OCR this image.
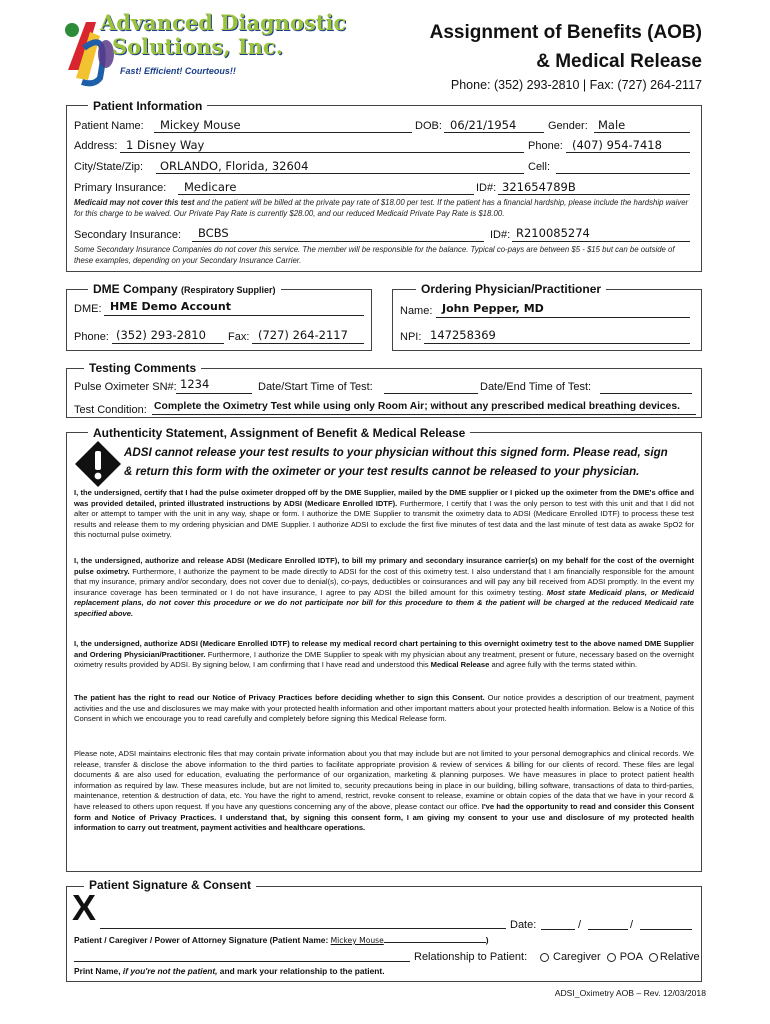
Advanced Diagnostic
Solutions, Inc.
Fast! Efficient! Courteous!!
Assignment of Benefits (AOB)
& Medical Release
Phone: (352) 293-2810 | Fax: (727) 264-2117
Patient Information
Patient Name: Mickey Mouse	DOB: 06/21/1954	Gender: Male
Address: 1 Disney Way	Phone: (407) 954-7418
City/State/Zip: ORLANDO, Florida, 32604	Cell:
Primary Insurance: Medicare	ID#: 321654789B
Medicaid may not cover this test and the patient will be billed at the private pay rate of $18.00 per test. If the patient has a financial hardship, please include the hardship waiver for this charge to be waived. Our Private Pay Rate is currently $28.00, and our reduced Medicaid Private Pay Rate is $18.00.
Secondary Insurance: BCBS	ID#: R210085274
Some Secondary Insurance Companies do not cover this service. The member will be responsible for the balance. Typical co-pays are between $5 - $15 but can be outside of these examples, depending on your Secondary Insurance Carrier.
DME Company (Respiratory Supplier)
DME: HME Demo Account
Phone: (352) 293-2810 Fax: (727) 264-2117
Ordering Physician/Practitioner
Name: John Pepper, MD
NPI: 147258369
Testing Comments
Pulse Oximeter SN#: 1234	Date/Start Time of Test:	Date/End Time of Test:
Test Condition: Complete the Oximetry Test while using only Room Air; without any prescribed medical breathing devices.
Authenticity Statement, Assignment of Benefit & Medical Release
ADSI cannot release your test results to your physician without this signed form. Please read, sign
& return this form with the oximeter or your test results cannot be released to your physician.
I, the undersigned, certify that I had the pulse oximeter dropped off by the DME Supplier, mailed by the DME supplier or I picked up the oximeter from the DME's office and was provided detailed, printed illustrated instructions by ADSI (Medicare Enrolled IDTF). Furthermore, I certify that I was the only person to test with this unit and that I did not alter or attempt to tamper with the unit in any way, shape or form. I authorize the DME Supplier to transmit the oximetry data to ADSI (Medicare Enrolled IDTF) to process these test results and release them to my ordering physician and DME Supplier. I authorize ADSI to exclude the first five minutes of test data and the last minute of test data as awake SpO2 for this nocturnal pulse oximetry.
I, the undersigned, authorize and release ADSI (Medicare Enrolled IDTF), to bill my primary and secondary insurance carrier(s) on my behalf for the cost of the overnight pulse oximetry. Furthermore, I authorize the payment to be made directly to ADSI for the cost of this oximetry test. I also understand that I am financially responsible for the amount that my insurance, primary and/or secondary, does not cover due to denial(s), co-pays, deductibles or coinsurances and will pay any bill received from ADSI promptly. In the event my insurance coverage has been terminated or I do not have insurance, I agree to pay ADSI the billed amount for this oximetry testing. Most state Medicaid plans, or Medicaid replacement plans, do not cover this procedure or we do not participate nor bill for this procedure to them & the patient will be charged at the reduced Medicaid rate specified above.
I, the undersigned, authorize ADSI (Medicare Enrolled IDTF) to release my medical record chart pertaining to this overnight oximetry test to the above named DME Supplier and Ordering Physician/Practitioner. Furthermore, I authorize the DME Supplier to speak with my physician about any treatment, present or future, necessary based on the overnight oximetry results provided by ADSI. By signing below, I am confirming that I have read and understood this Medical Release and agree fully with the terms stated within.
The patient has the right to read our Notice of Privacy Practices before deciding whether to sign this Consent. Our notice provides a description of our treatment, payment activities and the use and disclosures we may make with your protected health information and other important matters about your protected health information. Below is a Notice of this Consent in which we encourage you to read carefully and completely before signing this Medical Release form.
Please note, ADSI maintains electronic files that may contain private information about you that may include but are not limited to your personal demographics and clinical records. We release, transfer & disclose the above information to the third parties to facilitate appropriate provision & review of services & billing for our clients of record. These files are legal documents & are also used for education, evaluating the performance of our organization, marketing & planning purposes. We have measures in place to protect patient health information as required by law. These measures include, but are not limited to, security precautions being in place in our building, billing software, transactions of data to third-parties, maintenance, retention & destruction of data, etc. You have the right to amend, restrict, revoke consent to release, examine or obtain copies of the data that we have in your record & have released to others upon request. If you have any questions concerning any of the above, please contact our office. I've had the opportunity to read and consider this Consent form and Notice of Privacy Practices. I understand that, by signing this consent form, I am giving my consent to your use and disclosure of my protected health information to carry out treatment, payment activities and healthcare operations.
Patient Signature & Consent
X	Date:	/	/
Patient / Caregiver / Power of Attorney Signature (Patient Name: Mickey Mouse	)
Relationship to Patient: Caregiver POA Relative
Print Name, if you're not the patient, and mark your relationship to the patient.
ADSI_Oximetry AOB – Rev. 12/03/2018
